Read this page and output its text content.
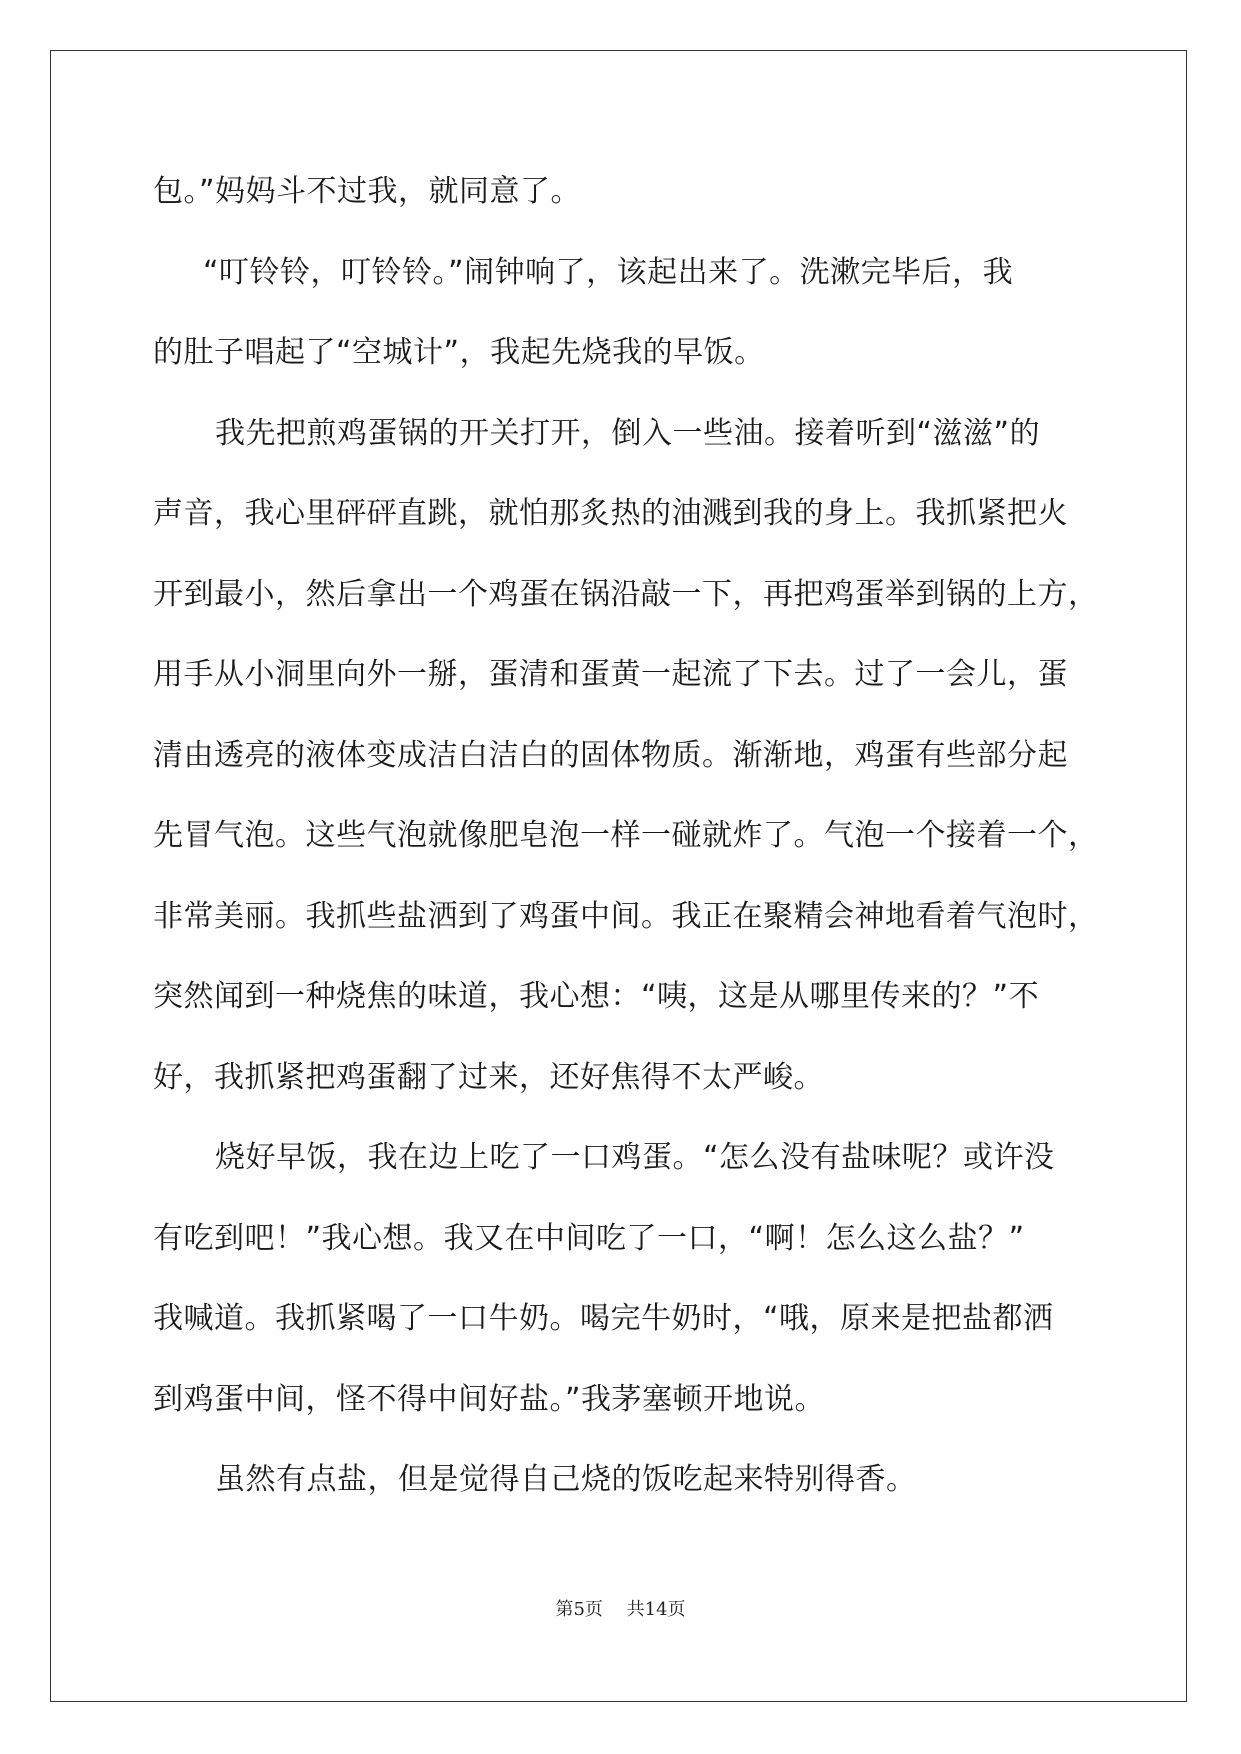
包。”妈妈斗不过我，就同意了。
“叮铃铃，叮铃铃。”闹钟响了，该起出来了。洗漱完毕后，我
的肚子唱起了“空城计”，我起先烧我的早饭。
我先把煎鸡蛋锅的开关打开，倒入一些油。接着听到“滋滋”的
声音，我心里砰砰直跳，就怕那炙热的油溅到我的身上。我抓紧把火
开到最小，然后拿出一个鸡蛋在锅沿敲一下，再把鸡蛋举到锅的上方，
用手从小洞里向外一掰，蛋清和蛋黄一起流了下去。过了一会儿，蛋
清由透亮的液体变成洁白洁白的固体物质。渐渐地，鸡蛋有些部分起
先冒气泡。这些气泡就像肥皂泡一样一碰就炸了。气泡一个接着一个，
非常美丽。我抓些盐洒到了鸡蛋中间。我正在聚精会神地看着气泡时，
突然闻到一种烧焦的味道，我心想：“咦，这是从哪里传来的？”不
好，我抓紧把鸡蛋翻了过来，还好焦得不太严峻。
烧好早饭，我在边上吃了一口鸡蛋。“怎么没有盐味呢？或许没
有吃到吧！”我心想。我又在中间吃了一口，“啊！怎么这么盐？”
我喊道。我抓紧喝了一口牛奶。喝完牛奶时，“哦，原来是把盐都洒
到鸡蛋中间，怪不得中间好盐。”我茅塞顿开地说。
虽然有点盐，但是觉得自己烧的饭吃起来特别得香。
第5页　 共14页
